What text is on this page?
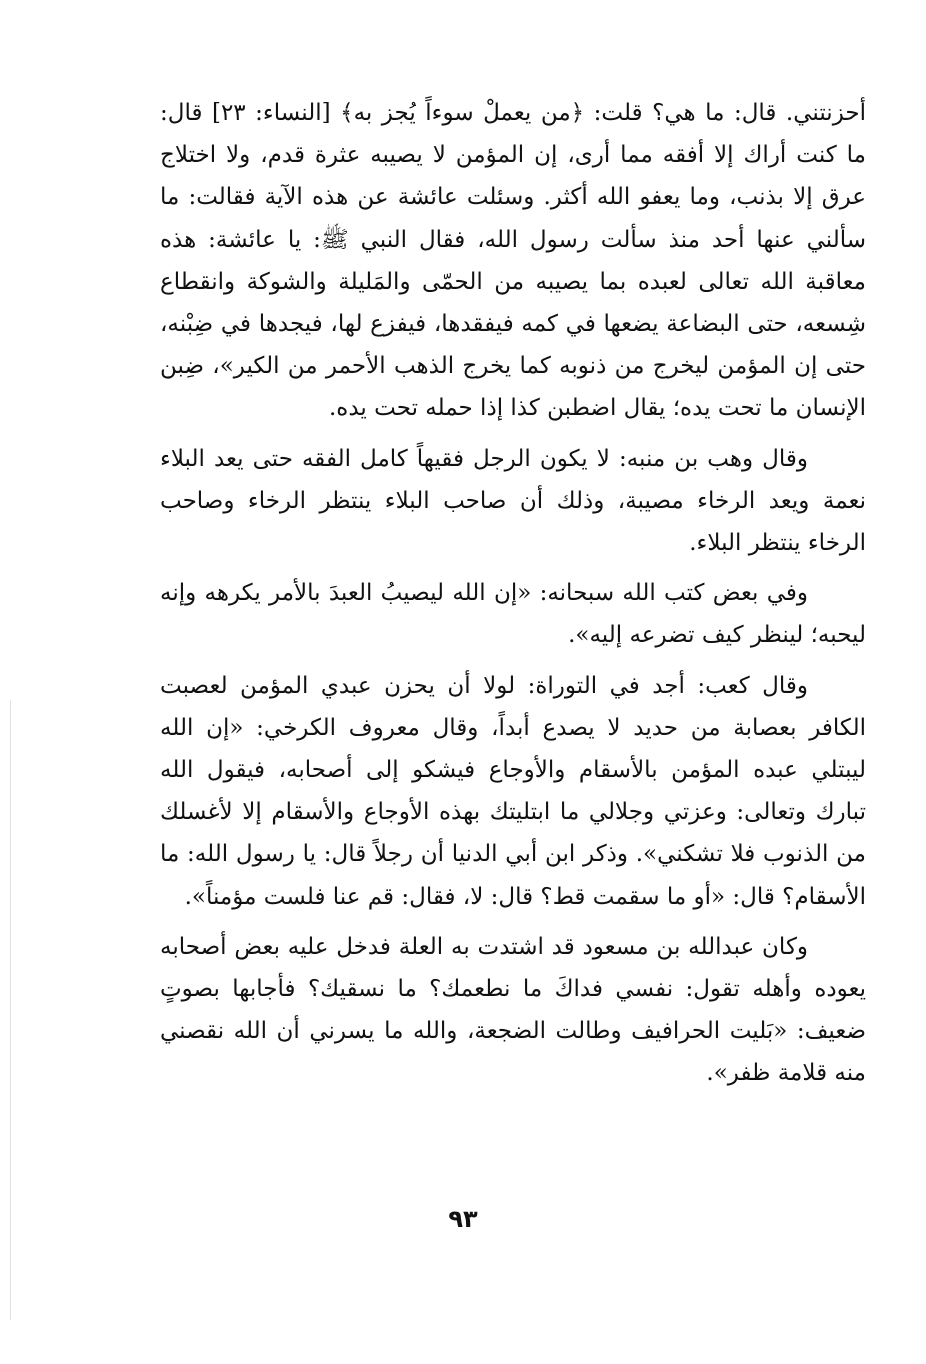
أحزنتني. قال: ما هي؟ قلت: ﴿من يعملْ سوءاً يُجز به﴾ [النساء: ٢٣] قال: ما كنت أراك إلا أفقه مما أرى، إن المؤمن لا يصيبه عثرة قدم، ولا اختلاج عرق إلا بذنب، وما يعفو الله أكثر. وسئلت عائشة عن هذه الآية فقالت: ما سألني عنها أحد منذ سألت رسول الله، فقال النبي ﷺ: يا عائشة: هذه معاقبة الله تعالى لعبده بما يصيبه من الحمّى والمَليلة والشوكة وانقطاع شِسعه، حتى البضاعة يضعها في كمه فيفقدها، فيفزع لها، فيجدها في ضِبْنه، حتى إن المؤمن ليخرج من ذنوبه كما يخرج الذهب الأحمر من الكير»، ضِبن الإنسان ما تحت يده؛ يقال اضطبن كذا إذا حمله تحت يده.

وقال وهب بن منبه: لا يكون الرجل فقيهاً كامل الفقه حتى يعد البلاء نعمة ويعد الرخاء مصيبة، وذلك أن صاحب البلاء ينتظر الرخاء وصاحب الرخاء ينتظر البلاء.

وفي بعض كتب الله سبحانه: «إن الله ليصيبُ العبدَ بالأمر يكرهه وإنه ليحبه؛ لينظر كيف تضرعه إليه».

وقال كعب: أجد في التوراة: لولا أن يحزن عبدي المؤمن لعصبت الكافر بعصابة من حديد لا يصدع أبداً، وقال معروف الكرخي: «إن الله ليبتلي عبده المؤمن بالأسقام والأوجاع فيشكو إلى أصحابه، فيقول الله تبارك وتعالى: وعزتي وجلالي ما ابتليتك بهذه الأوجاع والأسقام إلا لأغسلك من الذنوب فلا تشكني». وذكر ابن أبي الدنيا أن رجلاً قال: يا رسول الله: ما الأسقام؟ قال: «أو ما سقمت قط؟ قال: لا، فقال: قم عنا فلست مؤمناً».

وكان عبدالله بن مسعود قد اشتدت به العلة فدخل عليه بعض أصحابه يعوده وأهله تقول: نفسي فداكَ ما نطعمك؟ ما نسقيك؟ فأجابها بصوتٍ ضعيف: «بَليت الحرافيف وطالت الضجعة، والله ما يسرني أن الله نقصني منه قلامة ظفر».

٩٣
